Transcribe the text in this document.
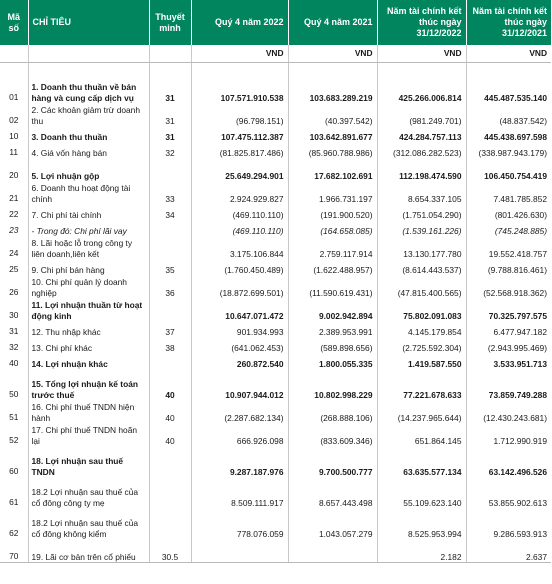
Mã số	CHỈ TIÊU	Thuyết minh	Quý 4 năm 2022	Quý 4 năm 2021	Năm tài chính kết thúc ngày 31/12/2022	Năm tài chính kết thúc ngày 31/12/2021
			VND	VND	VND	VND

01	1. Doanh thu thuần về bán hàng và cung cấp dịch vụ	31	107.571.910.538	103.683.289.219	425.266.006.814	445.487.535.140
02	2. Các khoản giảm trừ doanh thu	31	(96.798.151)	(40.397.542)	(981.249.701)	(48.837.542)
10	3. Doanh thu thuần	31	107.475.112.387	103.642.891.677	424.284.757.113	445.438.697.598
11	4. Giá vốn hàng bán	32	(81.825.817.486)	(85.960.788.986)	(312.086.282.523)	(338.987.943.179)
20	5. Lợi nhuận gộp		25.649.294.901	17.682.102.691	112.198.474.590	106.450.754.419
21	6. Doanh thu hoạt động tài chính	33	2.924.929.827	1.966.731.197	8.654.337.105	7.481.785.852
22	7. Chi phí tài chính	34	(469.110.110)	(191.900.520)	(1.751.054.290)	(801.426.630)
23	- Trong đó: Chi phí lãi vay		(469.110.110)	(164.658.085)	(1.539.161.226)	(745.248.885)
24	8. Lãi hoặc lỗ trong công ty liên doanh,liên kết		3.175.106.844	2.759.117.914	13.130.177.780	19.552.418.757
25	9. Chi phí bán hàng	35	(1.760.450.489)	(1.622.488.957)	(8.614.443.537)	(9.788.816.461)
26	10. Chi phí quản lý doanh nghiệp	36	(18.872.699.501)	(11.590.619.431)	(47.815.400.565)	(52.568.918.362)
30	11. Lợi nhuận thuần từ hoạt động kinh		10.647.071.472	9.002.942.894	75.802.091.083	70.325.797.575
31	12. Thu nhập khác	37	901.934.993	2.389.953.991	4.145.179.854	6.477.947.182
32	13. Chi phí khác	38	(641.062.453)	(589.898.656)	(2.725.592.304)	(2.943.995.469)
40	14. Lợi nhuận khác		260.872.540	1.800.055.335	1.419.587.550	3.533.951.713
50	15. Tổng lợi nhuận kế toán trước thuế	40	10.907.944.012	10.802.998.229	77.221.678.633	73.859.749.288
51	16. Chi phí thuế TNDN hiện hành	40	(2.287.682.134)	(268.888.106)	(14.237.965.644)	(12.430.243.681)
52	17. Chi phí thuế TNDN hoãn lại	40	666.926.098	(833.609.346)	651.864.145	1.712.990.919
60	18. Lợi nhuận sau thuế TNDN		9.287.187.976	9.700.500.777	63.635.577.134	63.142.496.526
61	18.2 Lợi nhuận sau thuế của cổ đông công ty mẹ		8.509.111.917	8.657.443.498	55.109.623.140	53.855.902.613
62	18.2 Lợi nhuận sau thuế của cổ đông không kiểm		778.076.059	1.043.057.279	8.525.953.994	9.286.593.913
70	19. Lãi cơ bản trên cổ phiếu	30.5			2.182	2.637
